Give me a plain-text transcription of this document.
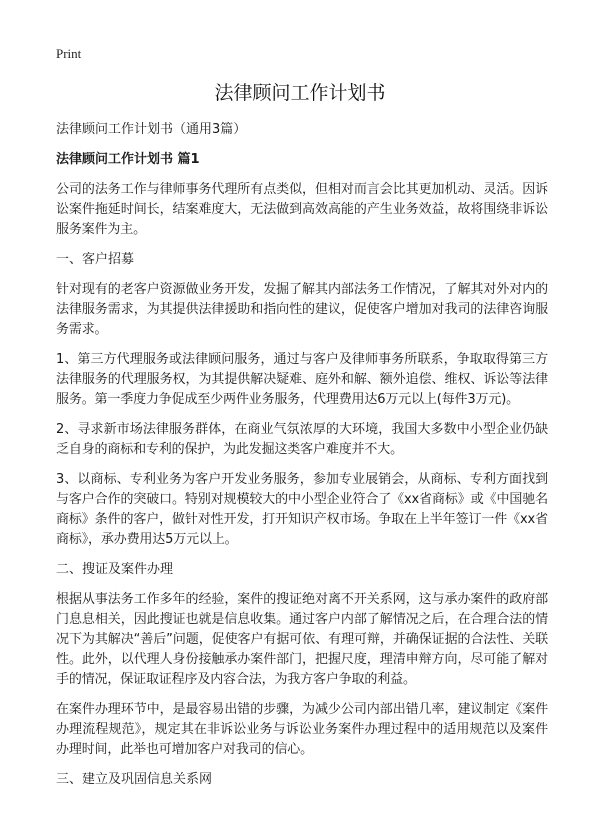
Print
法律顾问工作计划书

法律顾问工作计划书（通用3篇）

法律顾问工作计划书 篇1

公司的法务工作与律师事务代理所有点类似，但相对而言会比其更加机动、灵活。因诉讼案件拖延时间长，结案难度大，无法做到高效高能的产生业务效益，故将围绕非诉讼服务案件为主。

一、客户招募

针对现有的老客户资源做业务开发，发掘了解其内部法务工作情况，了解其对外对内的法律服务需求，为其提供法律援助和指向性的建议，促使客户增加对我司的法律咨询服务需求。

1、第三方代理服务或法律顾问服务，通过与客户及律师事务所联系，争取取得第三方法律服务的代理服务权，为其提供解决疑难、庭外和解、额外追偿、维权、诉讼等法律服务。第一季度力争促成至少两件业务服务，代理费用达6万元以上(每件3万元)。

2、寻求新市场法律服务群体，在商业气氛浓厚的大环境，我国大多数中小型企业仍缺乏自身的商标和专利的保护，为此发掘这类客户难度并不大。

3、以商标、专利业务为客户开发业务服务，参加专业展销会，从商标、专利方面找到与客户合作的突破口。特别对规模较大的中小型企业符合了《xx省商标》或《中国驰名商标》条件的客户，做针对性开发，打开知识产权市场。争取在上半年签订一件《xx省商标》，承办费用达5万元以上。

二、搜证及案件办理

根据从事法务工作多年的经验，案件的搜证绝对离不开关系网，这与承办案件的政府部门息息相关，因此搜证也就是信息收集。通过客户内部了解情况之后，在合理合法的情况下为其解决“善后”问题，促使客户有据可依、有理可辩，并确保证据的合法性、关联性。此外，以代理人身份接触承办案件部门，把握尺度，理清申辩方向，尽可能了解对手的情况，保证取证程序及内容合法，为我方客户争取的利益。

在案件办理环节中，是最容易出错的步骤，为减少公司内部出错几率，建议制定《案件办理流程规范》，规定其在非诉讼业务与诉讼业务案件办理过程中的适用规范以及案件办理时间，此举也可增加客户对我司的信心。

三、建立及巩固信息关系网
